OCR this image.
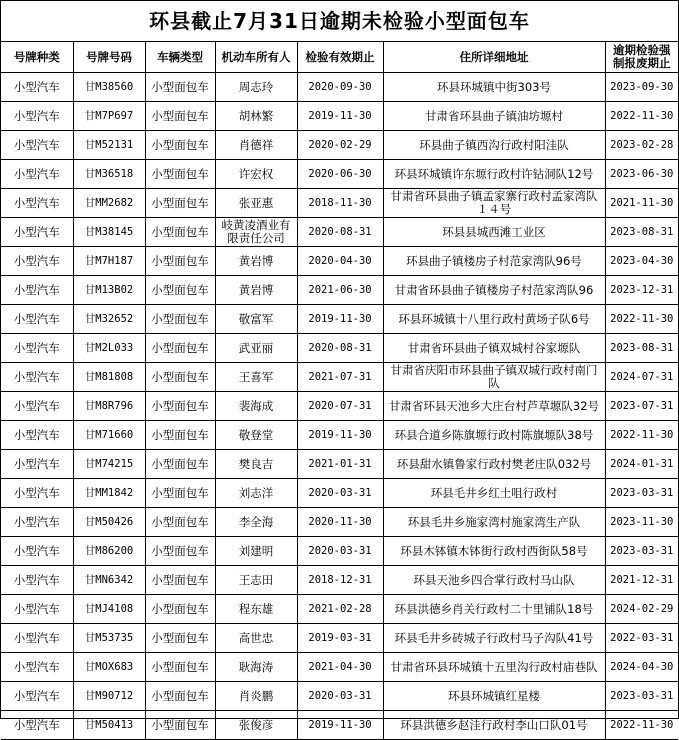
环县截止7月31日逾期未检验小型面包车
号牌种类	号牌号码	车辆类型	机动车所有人	检验有效期止	住所详细地址	逾期检验强制报废期止
小型汽车	甘M38560	小型面包车	周志玲	2020-09-30	环县环城镇中街303号	2023-09-30
小型汽车	甘M7P697	小型面包车	胡林繁	2019-11-30	甘肃省环县曲子镇油坊塬村	2022-11-30
小型汽车	甘M52131	小型面包车	肖德祥	2020-02-29	环县曲子镇西沟行政村阳洼队	2023-02-28
小型汽车	甘M36518	小型面包车	许宏权	2020-06-30	环县环城镇许东塬行政村许钻洞队12号	2023-06-30
小型汽车	甘MM2682	小型面包车	张亚惠	2018-11-30	甘肃省环县曲子镇孟家寨行政村孟家湾队１４号	2021-11-30
小型汽车	甘M38145	小型面包车	岐黄凌酒业有限责任公司	2020-08-31	环县县城西滩工业区	2023-08-31
小型汽车	甘M7H187	小型面包车	黄岩博	2020-04-30	环县曲子镇楼房子村范家湾队96号	2023-04-30
小型汽车	甘M13B02	小型面包车	黄岩博	2021-06-30	甘肃省环县曲子镇楼房子村范家湾队96	2023-12-31
小型汽车	甘M32652	小型面包车	敬富军	2019-11-30	环县环城镇十八里行政村黄场子队6号	2022-11-30
小型汽车	甘M2L033	小型面包车	武亚丽	2020-08-31	甘肃省环县曲子镇双城村谷家塬队	2023-08-31
小型汽车	甘M81808	小型面包车	王喜军	2021-07-31	甘肃省庆阳市环县曲子镇双城行政村南门队	2024-07-31
小型汽车	甘M8R796	小型面包车	裴海成	2020-07-31	甘肃省环县天池乡大庄台村芦草塬队32号	2023-07-31
小型汽车	甘M71660	小型面包车	敬登堂	2019-11-30	环县合道乡陈旗塬行政村陈旗塬队38号	2022-11-30
小型汽车	甘M74215	小型面包车	樊良吉	2021-01-31	环县甜水镇鲁家行政村樊老庄队032号	2024-01-31
小型汽车	甘MM1842	小型面包车	刘志洋	2020-03-31	环县毛井乡红土咀行政村	2023-03-31
小型汽车	甘M50426	小型面包车	李全海	2020-11-30	环县毛井乡施家湾村施家湾生产队	2023-11-30
小型汽车	甘M86200	小型面包车	刘建明	2020-03-31	环县木钵镇木钵街行政村西街队58号	2023-03-31
小型汽车	甘MN6342	小型面包车	王志田	2018-12-31	环县天池乡四合掌行政村马山队	2021-12-31
小型汽车	甘MJ4108	小型面包车	程东雄	2021-02-28	环县洪德乡肖关行政村二十里铺队18号	2024-02-29
小型汽车	甘M53735	小型面包车	高世忠	2019-03-31	环县毛井乡砖城子行政村马子沟队41号	2022-03-31
小型汽车	甘MOX683	小型面包车	耿海涛	2021-04-30	甘肃省环县环城镇十五里沟行政村庙巷队	2024-04-30
小型汽车	甘M90712	小型面包车	肖炎鹏	2020-03-31	环县环城镇红星楼	2023-03-31
小型汽车	甘M50413	小型面包车	张俊彦	2019-11-30	环县洪德乡赵洼行政村李山口队01号	2022-11-30
